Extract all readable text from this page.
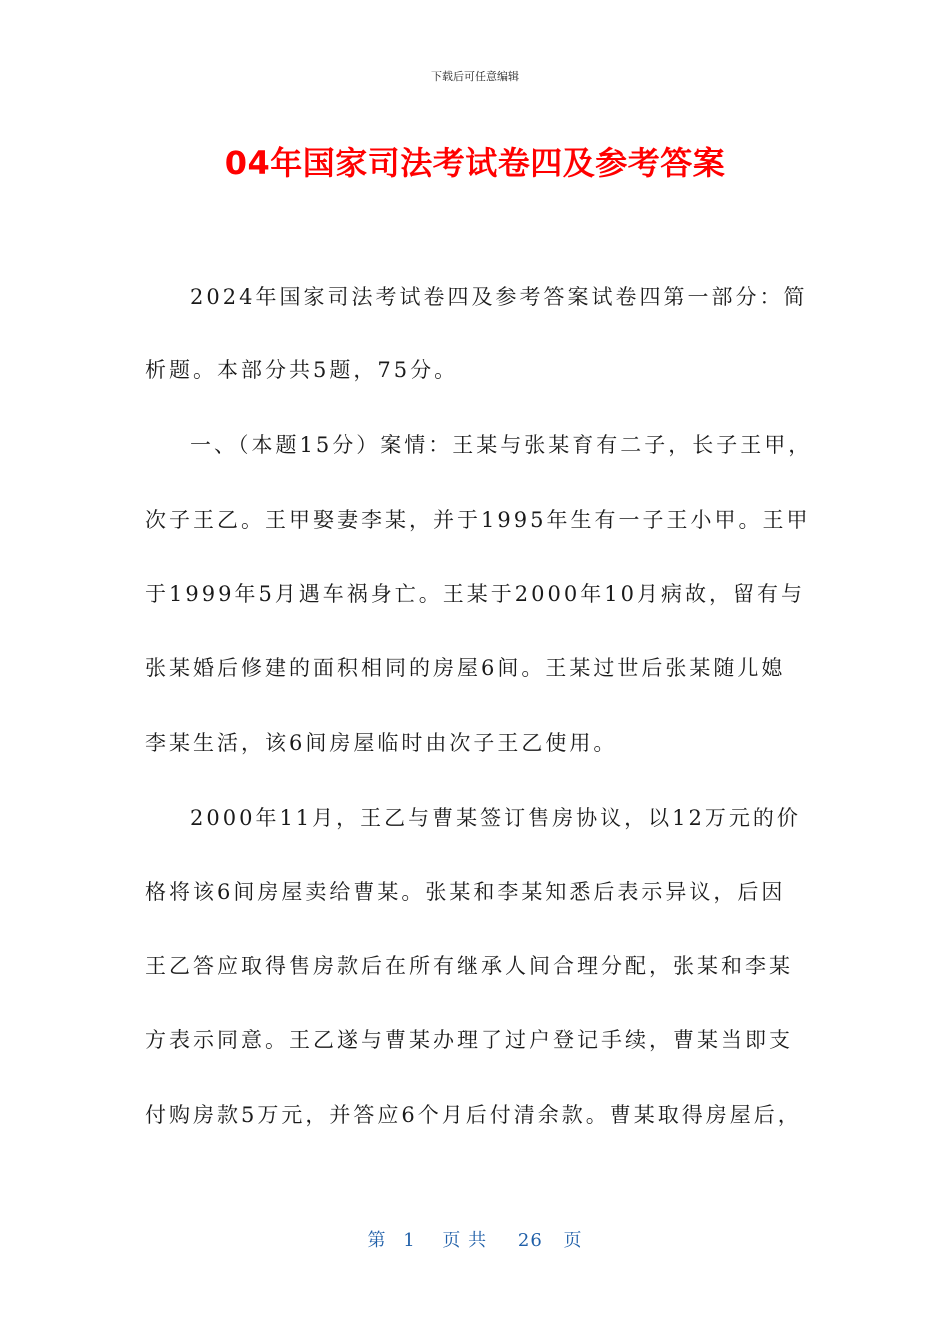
下载后可任意编辑
04年国家司法考试卷四及参考答案
2024年国家司法考试卷四及参考答案试卷四第一部分：简
析题。本部分共5题，75分。
一、（本题15分）案情：王某与张某育有二子，长子王甲，
次子王乙。王甲娶妻李某，并于1995年生有一子王小甲。王甲
于1999年5月遇车祸身亡。王某于2000年10月病故，留有与
张某婚后修建的面积相同的房屋6间。王某过世后张某随儿媳
李某生活，该6间房屋临时由次子王乙使用。
2000年11月，王乙与曹某签订售房协议，以12万元的价
格将该6间房屋卖给曹某。张某和李某知悉后表示异议，后因
王乙答应取得售房款后在所有继承人间合理分配，张某和李某
方表示同意。王乙遂与曹某办理了过户登记手续，曹某当即支
付购房款5万元，并答应6个月后付清余款。曹某取得房屋后，
第 1 页 共 26 页
